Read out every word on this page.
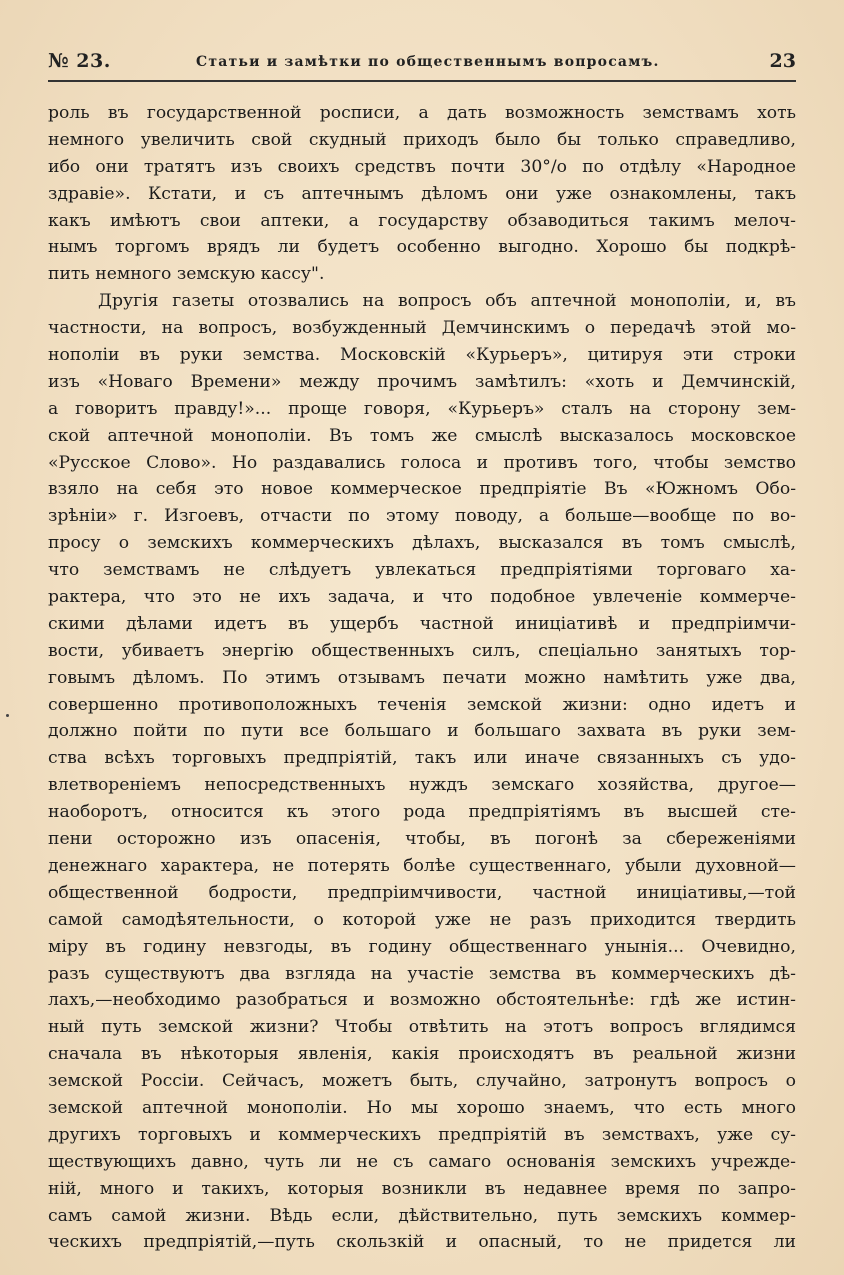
№ 23.	Статьи и замѣтки по общественнымъ вопросамъ.	23
роль въ государственной росписи, а дать возможность земствамъ хоть
немного увеличить свой скудный приходъ было бы только справедливо,
ибо они тратятъ изъ своихъ средствъ почти 30°/о по отдѣлу «Народное
здравіе». Кстати, и съ аптечнымъ дѣломъ они уже ознакомлены, такъ
какъ имѣютъ свои аптеки, а государству обзаводиться такимъ мелоч-
нымъ торгомъ врядъ ли будетъ особенно выгодно. Хорошо бы подкрѣ-
пить немного земскую кассу".
Другія газеты отозвались на вопросъ объ аптечной монополіи, и, въ
частности, на вопросъ, возбужденный Демчинскимъ о передачѣ этой мо-
нополіи въ руки земства. Московскій «Курьеръ», цитируя эти строки
изъ «Новаго Времени» между прочимъ замѣтилъ: «хоть и Демчинскій,
а говоритъ правду!»... проще говоря, «Курьеръ» сталъ на сторону зем-
ской аптечной монополіи. Въ томъ же смыслѣ высказалось московское
«Русское Слово». Но раздавались голоса и противъ того, чтобы земство
взяло на себя это новое коммерческое предпріятіе Въ «Южномъ Обо-
зрѣніи» г. Изгоевъ, отчасти по этому поводу, а больше—вообще по во-
просу о земскихъ коммерческихъ дѣлахъ, высказался въ томъ смыслѣ,
что земствамъ не слѣдуетъ увлекаться предпріятіями торговаго ха-
рактера, что это не ихъ задача, и что подобное увлеченіе коммерче-
скими дѣлами идетъ въ ущербъ частной иниціативѣ и предпріимчи-
вости, убиваетъ энергію общественныхъ силъ, спеціально занятыхъ тор-
говымъ дѣломъ. По этимъ отзывамъ печати можно намѣтить уже два,
совершенно противоположныхъ теченія земской жизни: одно идетъ и
должно пойти по пути все большаго и большаго захвата въ руки зем-
ства всѣхъ торговыхъ предпріятій, такъ или иначе связанныхъ съ удо-
влетвореніемъ непосредственныхъ нуждъ земскаго хозяйства, другое—
наоборотъ, относится къ этого рода предпріятіямъ въ высшей сте-
пени осторожно изъ опасенія, чтобы, въ погонѣ за сбереженіями
денежнаго характера, не потерять болѣе существеннаго, убыли духовной—
общественной бодрости, предпріимчивости, частной иниціативы,—той
самой самодѣятельности, о которой уже не разъ приходится твердить
міру въ годину невзгоды, въ годину общественнаго унынія... Очевидно,
разъ существуютъ два взгляда на участіе земства въ коммерческихъ дѣ-
лахъ,—необходимо разобраться и возможно обстоятельнѣе: гдѣ же истин-
ный путь земской жизни? Чтобы отвѣтить на этотъ вопросъ вглядимся
сначала въ нѣкоторыя явленія, какія происходятъ въ реальной жизни
земской Россіи. Сейчасъ, можетъ быть, случайно, затронутъ вопросъ о
земской аптечной монополіи. Но мы хорошо знаемъ, что есть много
другихъ торговыхъ и коммерческихъ предпріятій въ земствахъ, уже су-
ществующихъ давно, чуть ли не съ самаго основанія земскихъ учрежде-
ній, много и такихъ, которыя возникли въ недавнее время по запро-
самъ самой жизни. Вѣдь если, дѣйствительно, путь земскихъ коммер-
ческихъ предпріятій,—путь скользкій и опасный, то не придется ли
